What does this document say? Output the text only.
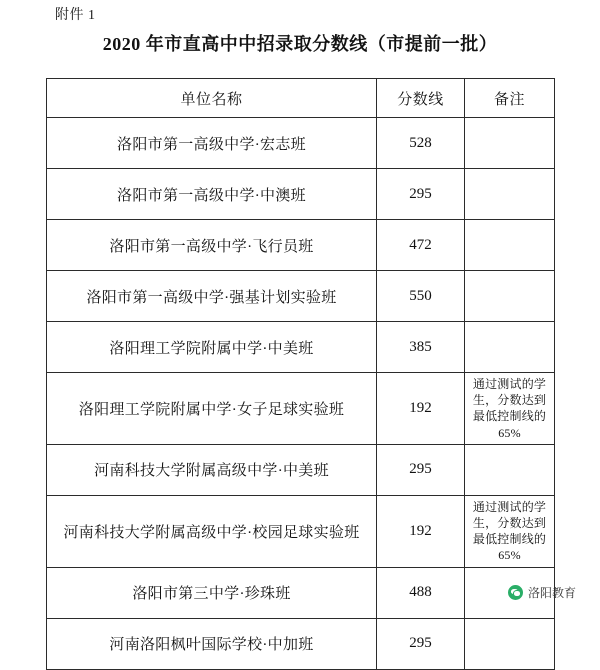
附件 1
2020 年市直高中中招录取分数线（市提前一批）
单位名称	分数线	备注
洛阳市第一高级中学·宏志班	528	
洛阳市第一高级中学·中澳班	295	
洛阳市第一高级中学·飞行员班	472	
洛阳市第一高级中学·强基计划实验班	550	
洛阳理工学院附属中学·中美班	385	
洛阳理工学院附属中学·女子足球实验班	192	通过测试的学生，分数达到最低控制线的 65%
河南科技大学附属高级中学·中美班	295	
河南科技大学附属高级中学·校园足球实验班	192	通过测试的学生，分数达到最低控制线的 65%
洛阳市第三中学·珍珠班	488	
河南洛阳枫叶国际学校·中加班	295	
洛阳教育
